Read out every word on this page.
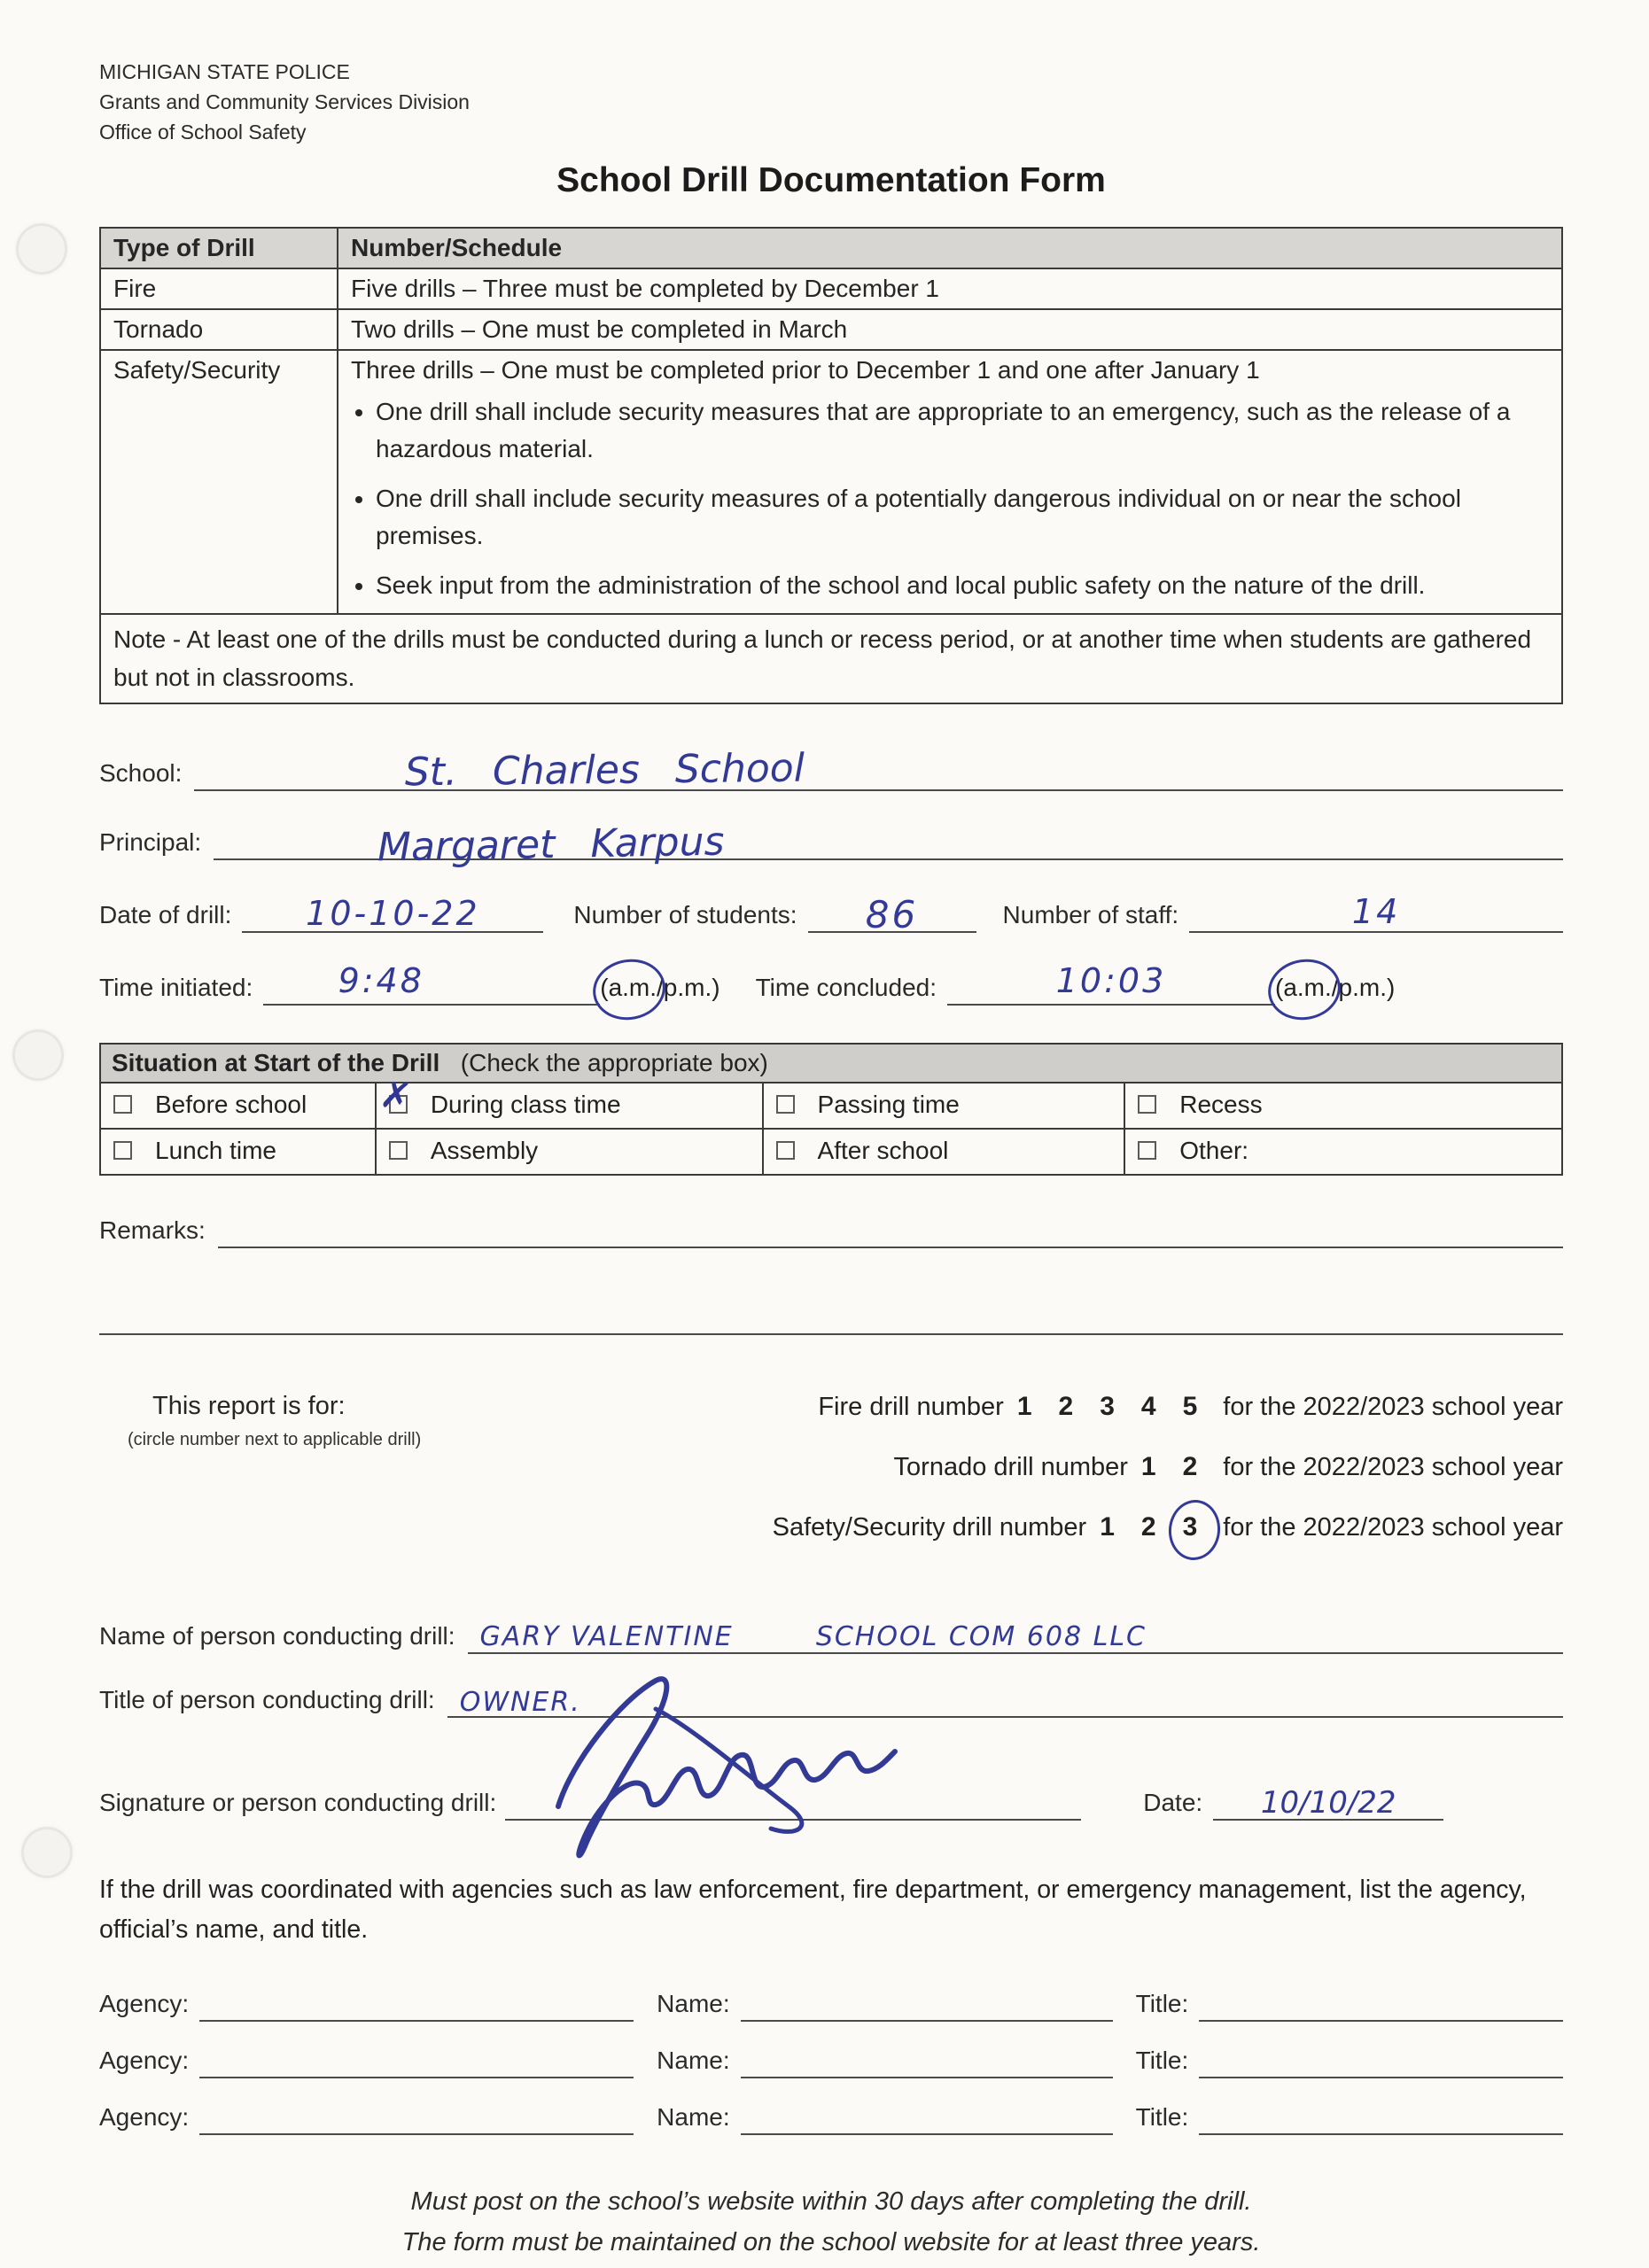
MICHIGAN STATE POLICE
Grants and Community Services Division
Office of School Safety
School Drill Documentation Form
Type of Drill	Number/Schedule
Fire	Five drills – Three must be completed by December 1
Tornado	Two drills – One must be completed in March
Safety/Security	Three drills – One must be completed prior to December 1 and one after January 1
• One drill shall include security measures that are appropriate to an emergency, such as the release of a hazardous material.
• One drill shall include security measures of a potentially dangerous individual on or near the school premises.
• Seek input from the administration of the school and local public safety on the nature of the drill.

Note - At least one of the drills must be conducted during a lunch or recess period, or at another time when students are gathered but not in classrooms.	
School:	St. Charles School
Principal:	Margaret Karpus
Date of drill:	10-10-22	Number of students:	86	Number of staff:	14
Time initiated:	9:48	(a.m./p.m.) Time concluded:	10:03	(a.m./p.m.)
Situation at Start of the Drill (Check the appropriate box)
Before school	✗ During class time	Passing time	Recess
Lunch time	Assembly	After school	Other:
Remarks:
This report is for:
(circle number next to applicable drill)
Fire drill number 1 2 3 4 5 for the 2022/2023 school year
Tornado drill number 1 2 for the 2022/2023 school year
Safety/Security drill number 1 2 3 for the 2022/2023 school year
Name of person conducting drill: GARY VALENTINE	SCHOOL COM 608 LLC
Title of person conducting drill: OWNER.
Signature or person conducting drill:	Date:	10/10/22
If the drill was coordinated with agencies such as law enforcement, fire department, or emergency management, list the agency, official’s name, and title.
Agency:	Name:	Title:
Agency:	Name:	Title:
Agency:	Name:	Title:
Must post on the school’s website within 30 days after completing the drill.
The form must be maintained on the school website for at least three years.
